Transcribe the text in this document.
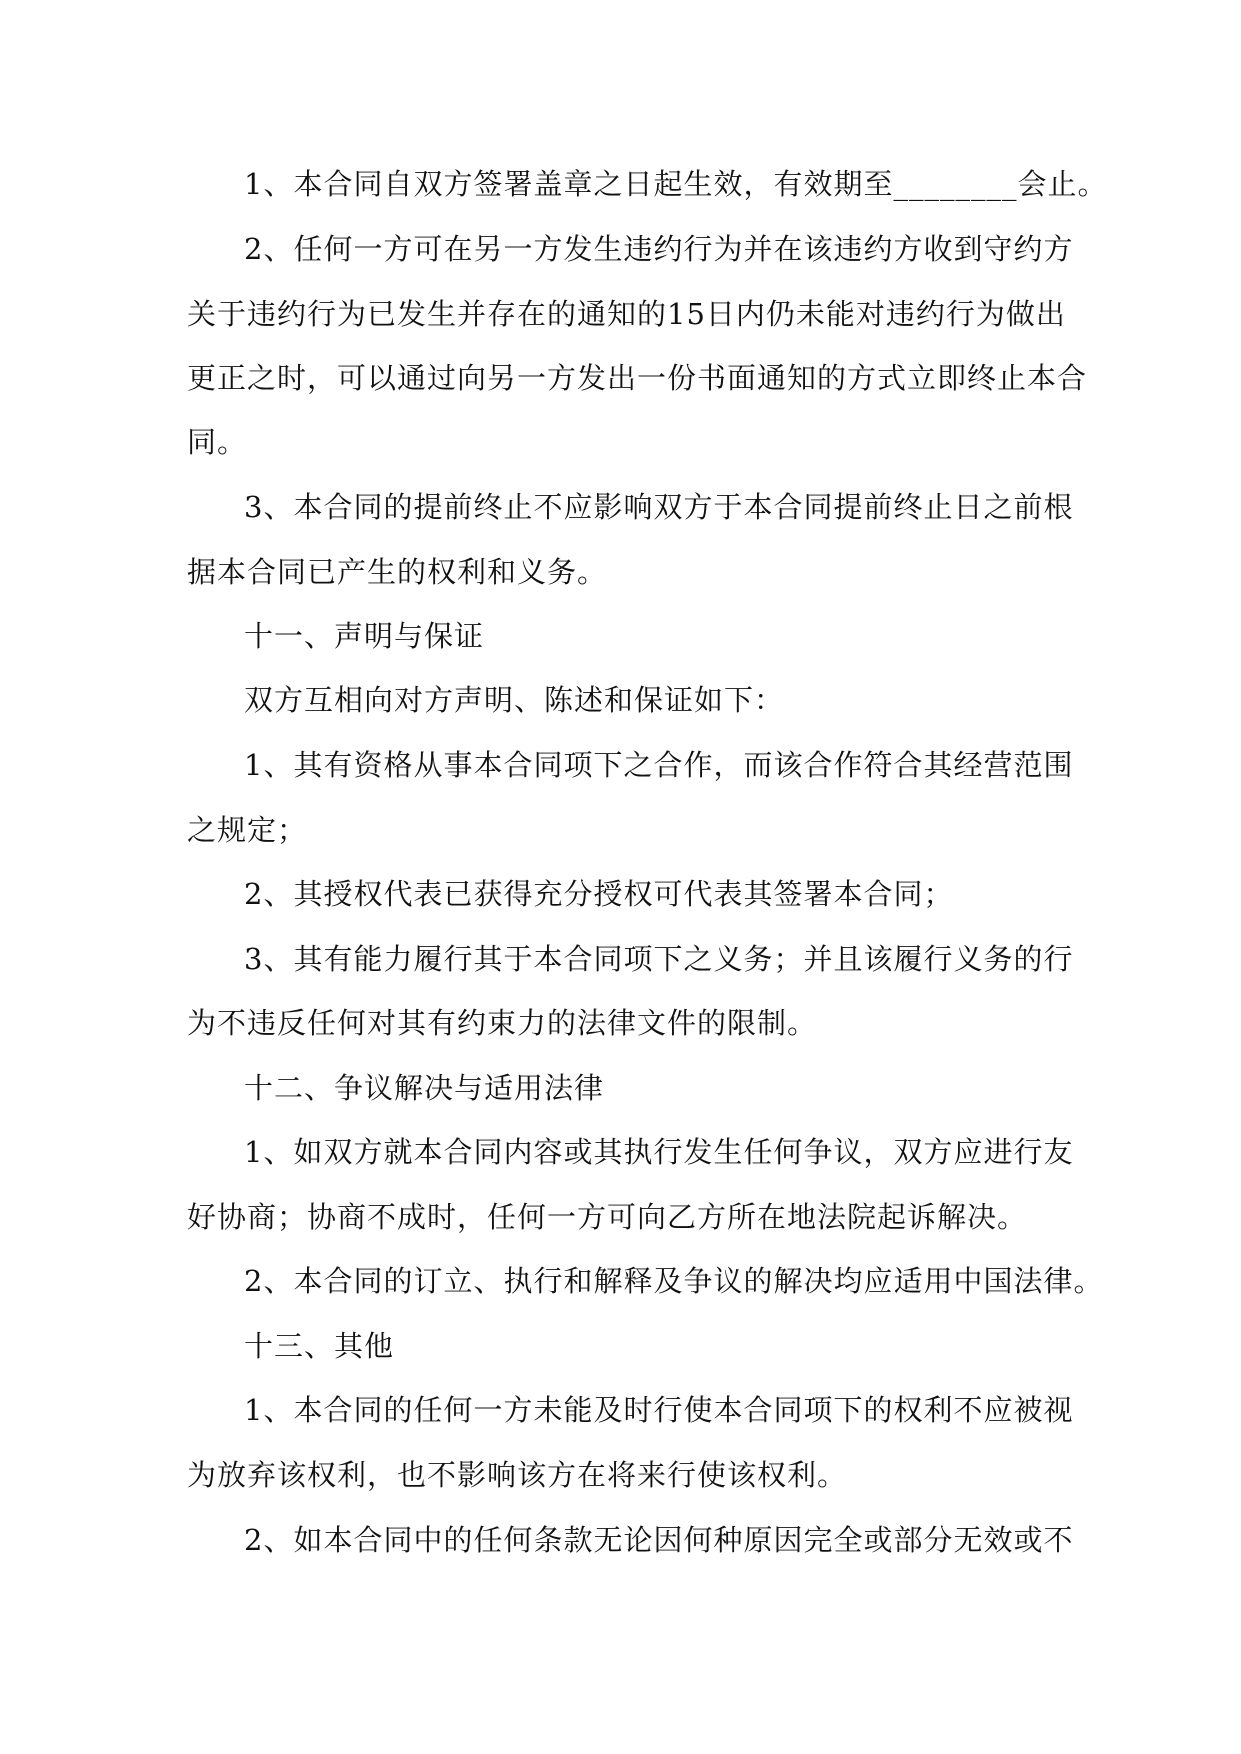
1、本合同自双方签署盖章之日起生效，有效期至________会止。
2、任何一方可在另一方发生违约行为并在该违约方收到守约方
关于违约行为已发生并存在的通知的15日内仍未能对违约行为做出
更正之时，可以通过向另一方发出一份书面通知的方式立即终止本合
同。
3、本合同的提前终止不应影响双方于本合同提前终止日之前根
据本合同已产生的权利和义务。
十一、声明与保证
双方互相向对方声明、陈述和保证如下：
1、其有资格从事本合同项下之合作，而该合作符合其经营范围
之规定；
2、其授权代表已获得充分授权可代表其签署本合同；
3、其有能力履行其于本合同项下之义务；并且该履行义务的行
为不违反任何对其有约束力的法律文件的限制。
十二、争议解决与适用法律
1、如双方就本合同内容或其执行发生任何争议，双方应进行友
好协商；协商不成时，任何一方可向乙方所在地法院起诉解决。
2、本合同的订立、执行和解释及争议的解决均应适用中国法律。
十三、其他
1、本合同的任何一方未能及时行使本合同项下的权利不应被视
为放弃该权利，也不影响该方在将来行使该权利。
2、如本合同中的任何条款无论因何种原因完全或部分无效或不
